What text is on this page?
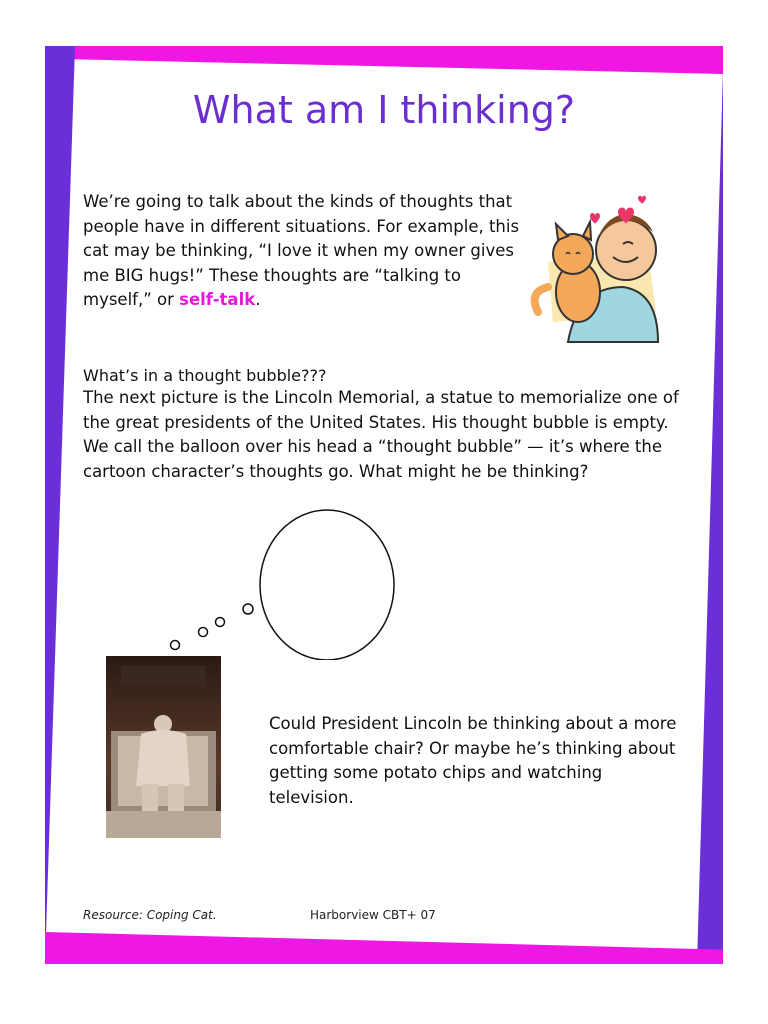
What am I thinking?
We’re going to talk about the kinds of thoughts that people have in different situations. For example, this cat may be thinking, “I love it when my owner gives me BIG hugs!” These thoughts are “talking to myself,” or self-talk.
What’s in a thought bubble???
The next picture is the Lincoln Memorial, a statue to memorialize one of the great presidents of the United States. His thought bubble is empty. We call the balloon over his head a “thought bubble” — it’s where the cartoon character’s thoughts go. What might he be thinking?
Could President Lincoln be thinking about a more comfortable chair? Or maybe he’s thinking about getting some potato chips and watching television.
Resource: Coping Cat.	Harborview CBT+ 07
